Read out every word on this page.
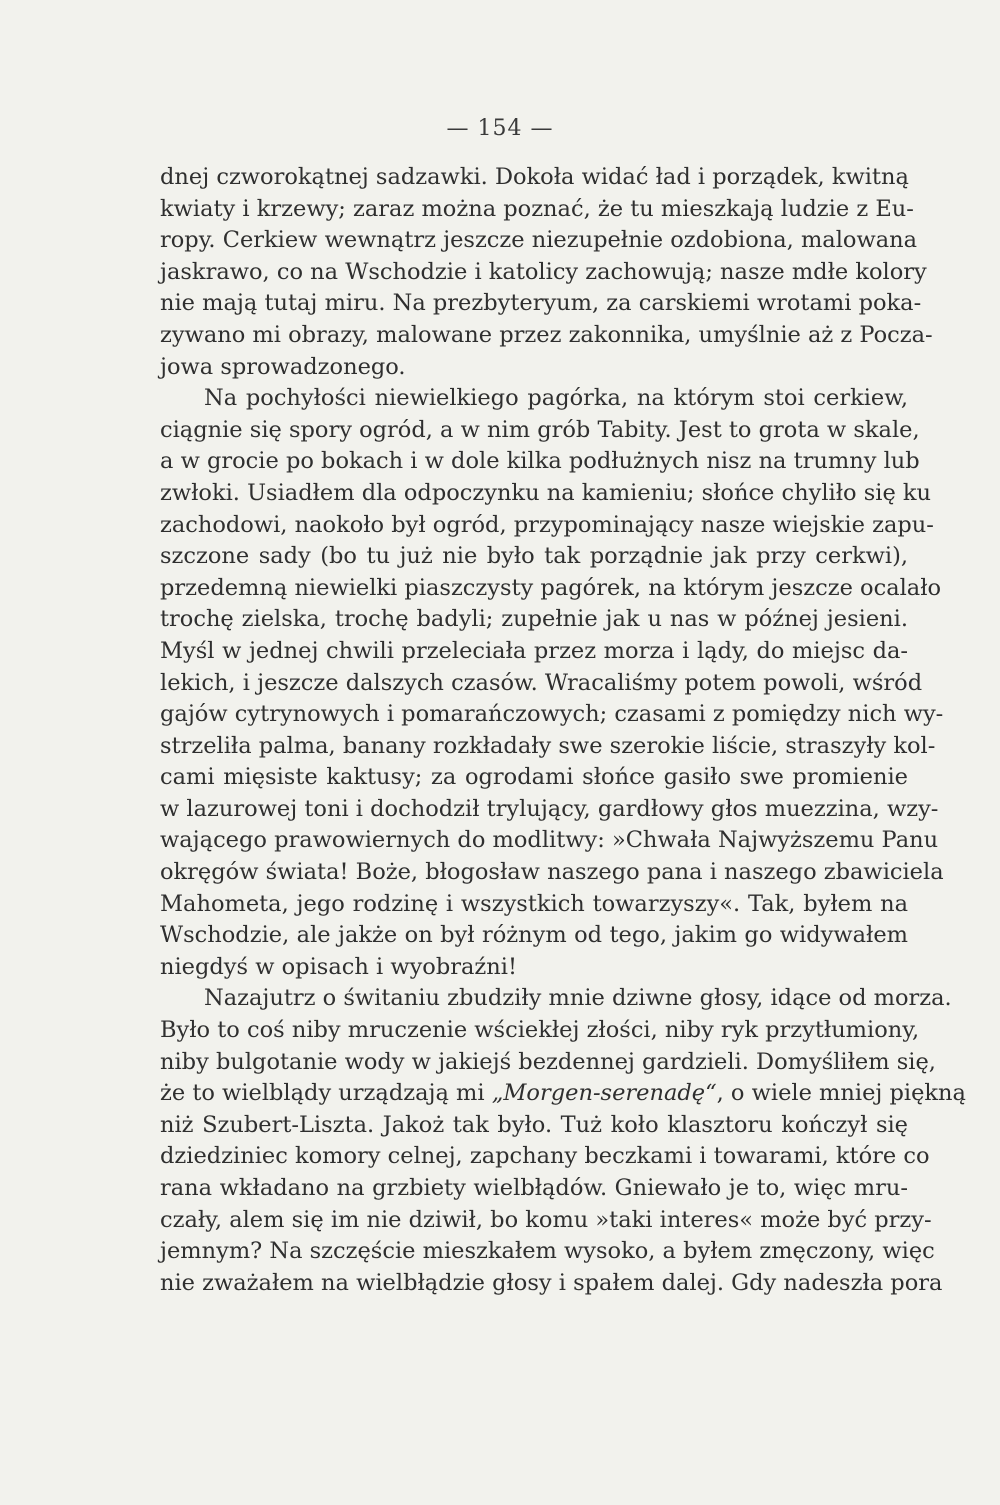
— 154 —
dnej czworokątnej sadzawki. Dokoła widać ład i porządek, kwitną
kwiaty i krzewy; zaraz można poznać, że tu mieszkają ludzie z Eu-
ropy. Cerkiew wewnątrz jeszcze niezupełnie ozdobiona, malowana
jaskrawo, co na Wschodzie i katolicy zachowują; nasze mdłe kolory
nie mają tutaj miru. Na prezbyteryum, za carskiemi wrotami poka-
zywano mi obrazy, malowane przez zakonnika, umyślnie aż z Pocza-
jowa sprowadzonego.
Na pochyłości niewielkiego pagórka, na którym stoi cerkiew,
ciągnie się spory ogród, a w nim grób Tabity. Jest to grota w skale,
a w grocie po bokach i w dole kilka podłużnych nisz na trumny lub
zwłoki. Usiadłem dla odpoczynku na kamieniu; słońce chyliło się ku
zachodowi, naokoło był ogród, przypominający nasze wiejskie zapu-
szczone sady (bo tu już nie było tak porządnie jak przy cerkwi),
przedemną niewielki piaszczysty pagórek, na którym jeszcze ocalało
trochę zielska, trochę badyli; zupełnie jak u nas w późnej jesieni.
Myśl w jednej chwili przeleciała przez morza i lądy, do miejsc da-
lekich, i jeszcze dalszych czasów. Wracaliśmy potem powoli, wśród
gajów cytrynowych i pomarańczowych; czasami z pomiędzy nich wy-
strzeliła palma, banany rozkładały swe szerokie liście, straszyły kol-
cami mięsiste kaktusy; za ogrodami słońce gasiło swe promienie
w lazurowej toni i dochodził trylujący, gardłowy głos muezzina, wzy-
wającego prawowiernych do modlitwy: »Chwała Najwyższemu Panu
okręgów świata! Boże, błogosław naszego pana i naszego zbawiciela
Mahometa, jego rodzinę i wszystkich towarzyszy«. Tak, byłem na
Wschodzie, ale jakże on był różnym od tego, jakim go widywałem
niegdyś w opisach i wyobraźni!
Nazajutrz o świtaniu zbudziły mnie dziwne głosy, idące od morza.
Było to coś niby mruczenie wściekłej złości, niby ryk przytłumiony,
niby bulgotanie wody w jakiejś bezdennej gardzieli. Domyśliłem się,
że to wielblądy urządzają mi „Morgen-serenadę“, o wiele mniej piękną
niż Szubert-Liszta. Jakoż tak było. Tuż koło klasztoru kończył się
dziedziniec komory celnej, zapchany beczkami i towarami, które co
rana wkładano na grzbiety wielbłądów. Gniewało je to, więc mru-
czały, alem się im nie dziwił, bo komu »taki interes« może być przy-
jemnym? Na szczęście mieszkałem wysoko, a byłem zmęczony, więc
nie zważałem na wielbłądzie głosy i spałem dalej. Gdy nadeszła pora
